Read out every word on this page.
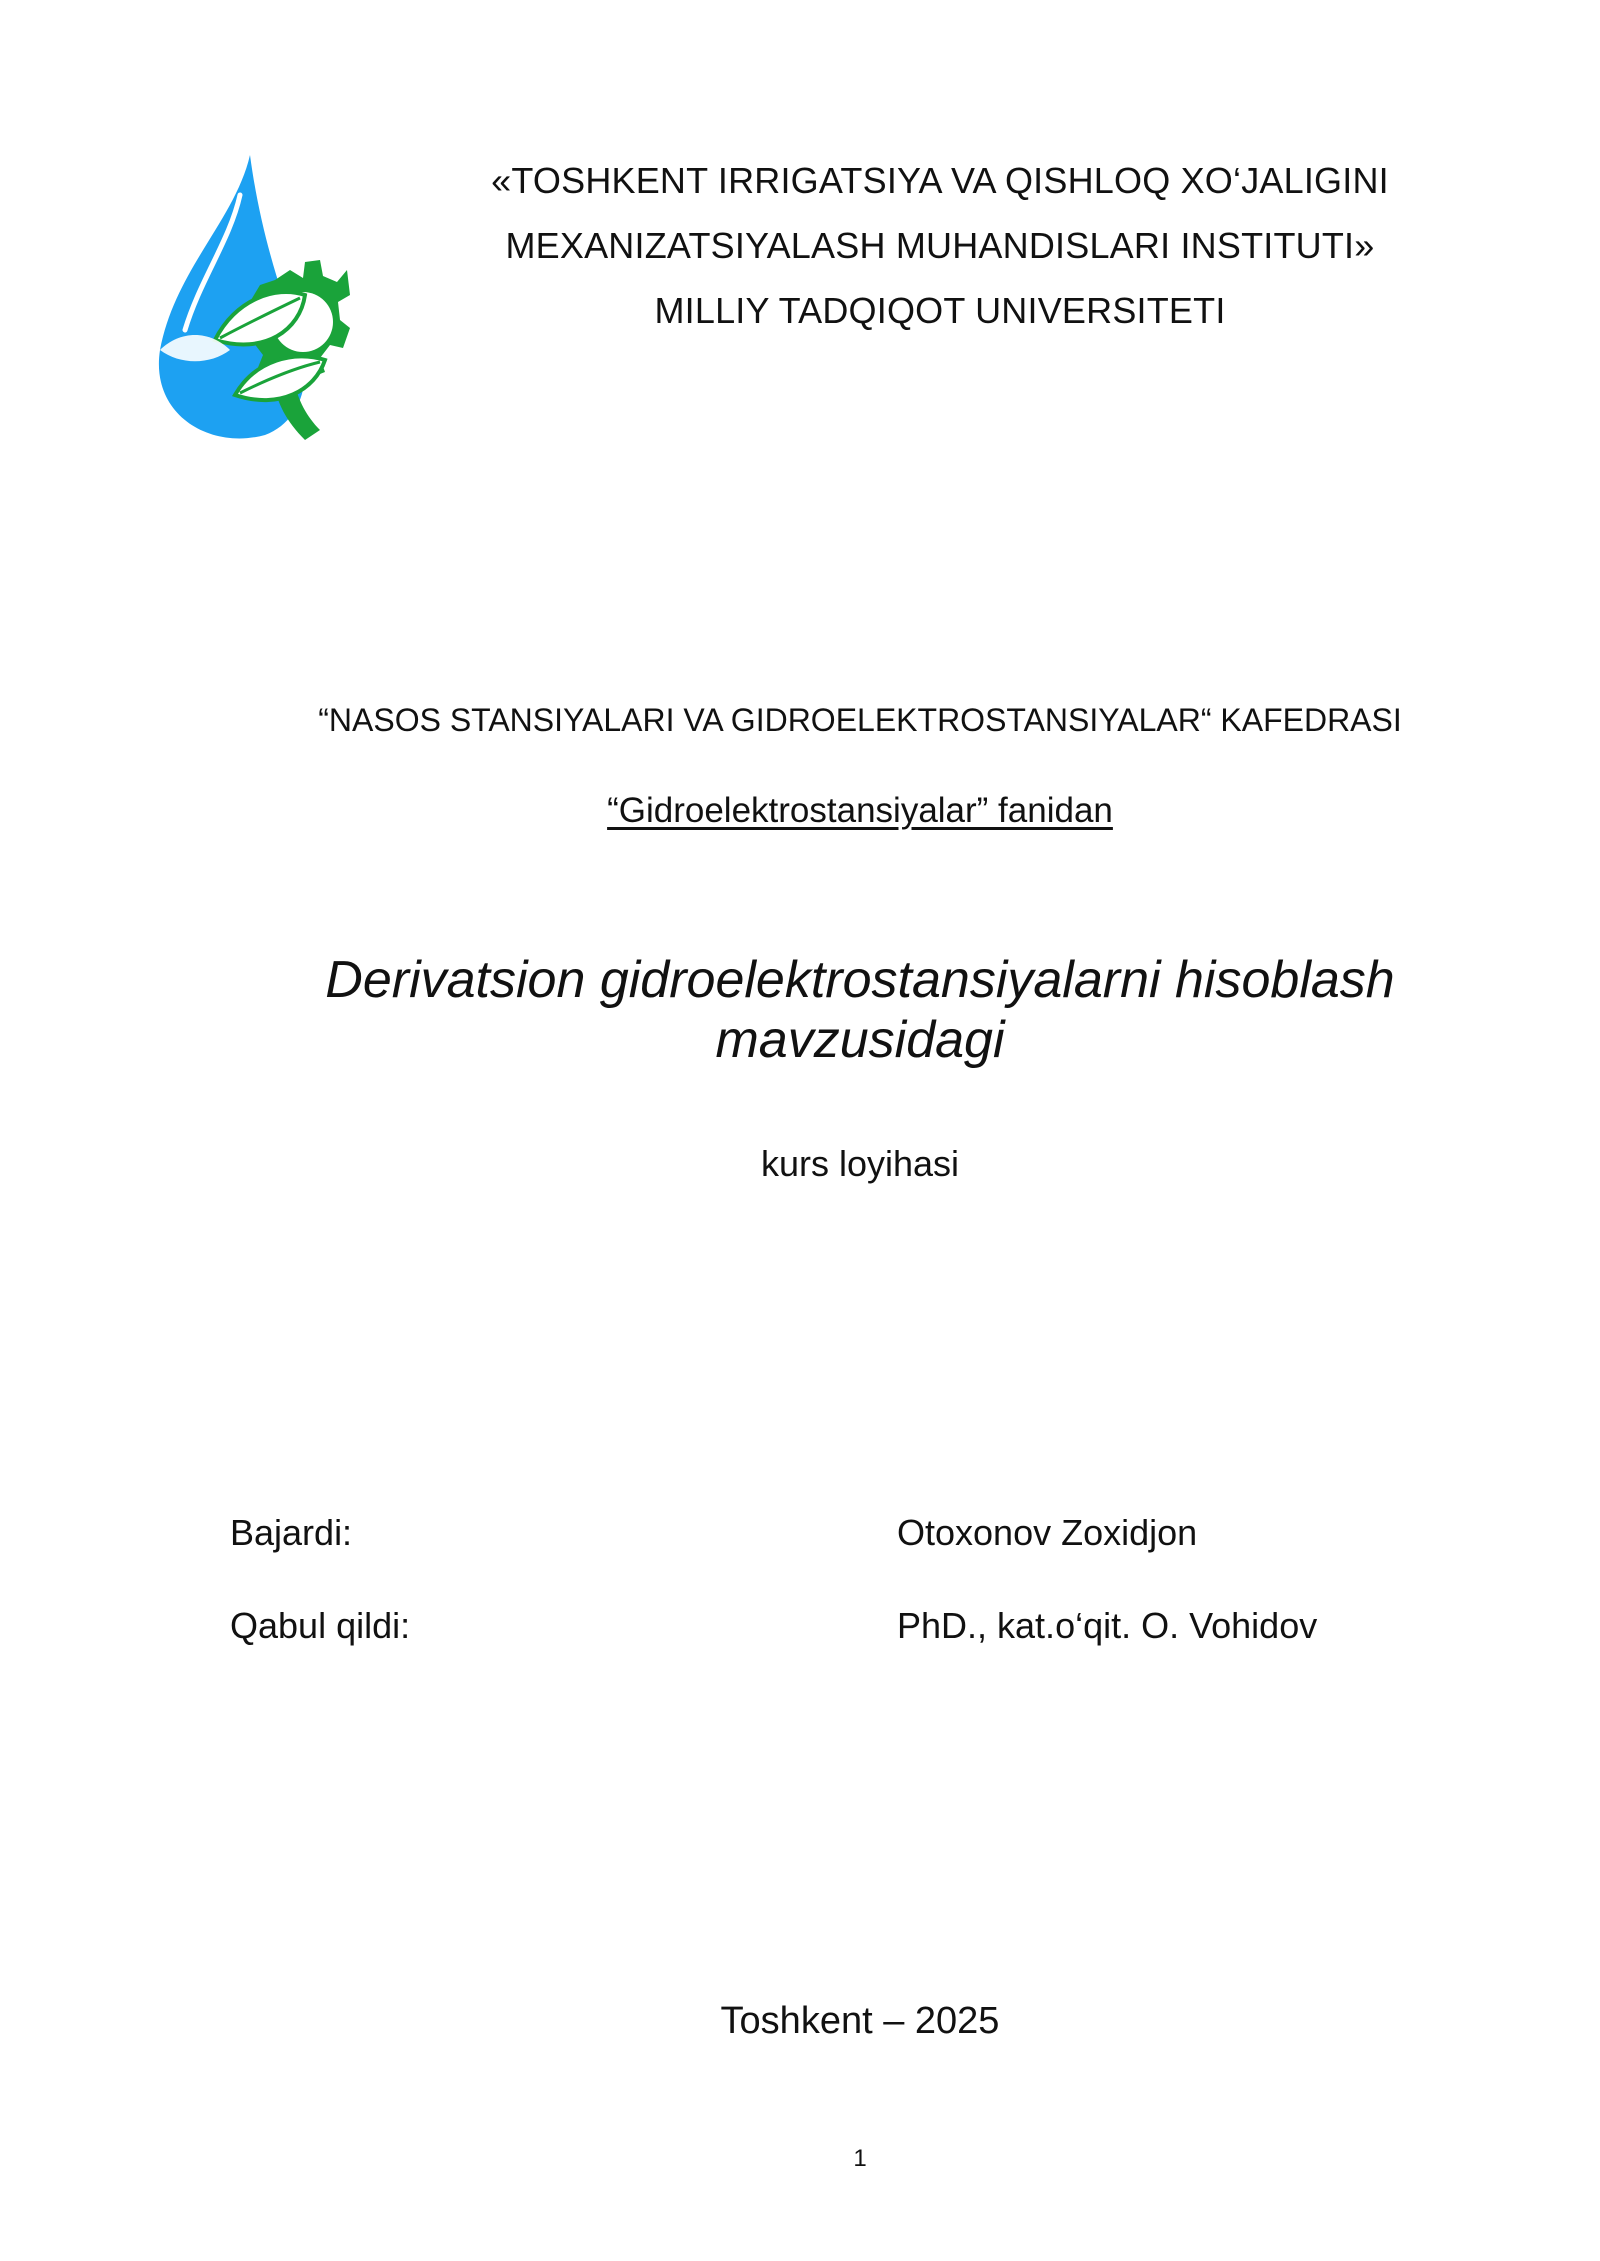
«TOSHKENT IRRIGATSIYA VA QISHLOQ XO‘JALIGINI
MEXANIZATSIYALASH MUHANDISLARI INSTITUTI»
MILLIY TADQIQOT UNIVERSITETI
“NASOS STANSIYALARI VA GIDROELEKTROSTANSIYALAR“ KAFEDRASI
“Gidroelektrostansiyalar” fanidan
Derivatsion gidroelektrostansiyalarni hisoblash
mavzusidagi
kurs loyihasi
Bajardi:	Otoxonov Zoxidjon
Qabul qildi:	PhD., kat.o‘qit. O. Vohidov
Toshkent – 2025
1
